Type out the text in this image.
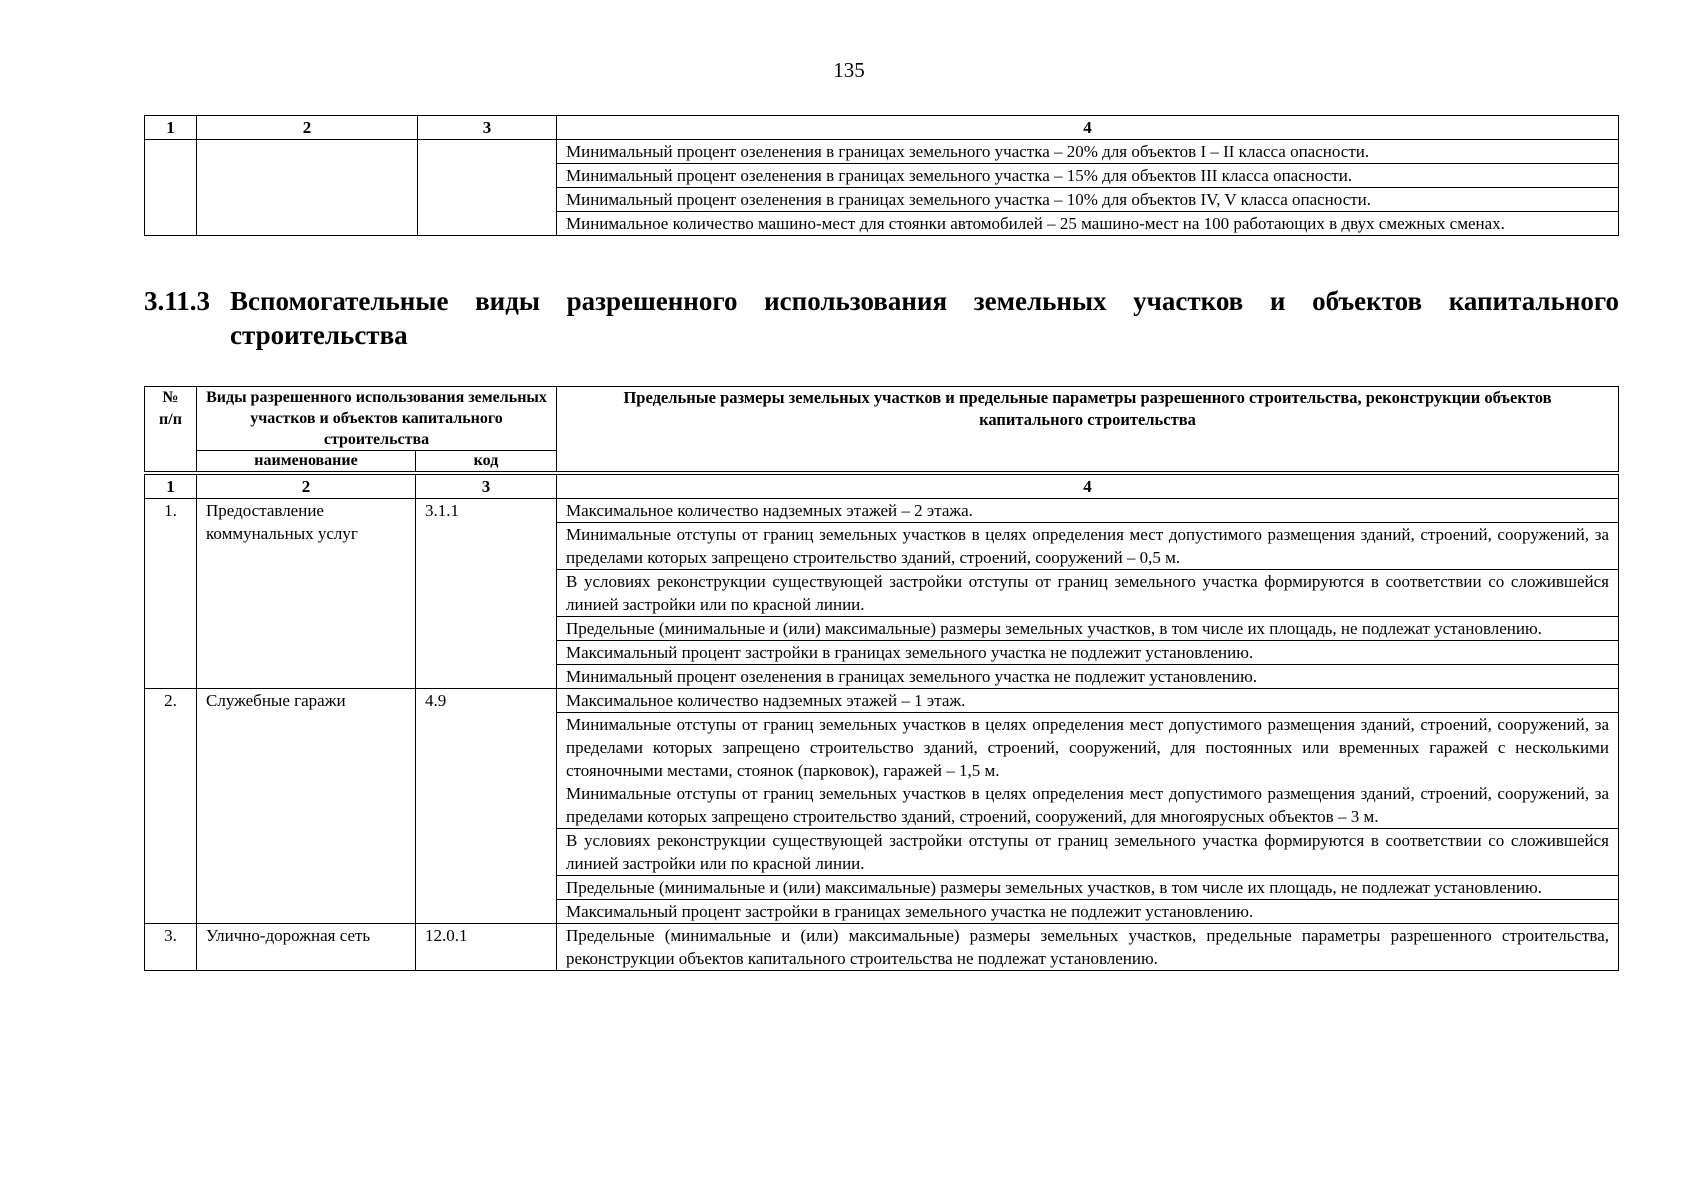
135
1	2	3	4
			Минимальный процент озеленения в границах земельного участка – 20% для объектов I – II класса опасности.
			Минимальный процент озеленения в границах земельного участка – 15% для объектов III класса опасности.
			Минимальный процент озеленения в границах земельного участка – 10% для объектов IV, V класса опасности.
			Минимальное количество машино-мест для стоянки автомобилей – 25 машино-мест на 100 работающих в двух смежных сменах.
3.11.3 Вспомогательные виды разрешенного использования земельных участков и объектов капитального строительства
№ п/п	Виды разрешенного использования земельных участков и объектов капитального строительства		Предельные размеры земельных участков и предельные параметры разрешенного строительства, реконструкции объектов капитального строительства
	наименование	код	
1	2	3	4
1.	Предоставление коммунальных услуг	3.1.1	Максимальное количество надземных этажей – 2 этажа.
			Минимальные отступы от границ земельных участков в целях определения мест допустимого размещения зданий, строений, сооружений, за пределами которых запрещено строительство зданий, строений, сооружений – 0,5 м.
			В условиях реконструкции существующей застройки отступы от границ земельного участка формируются в соответствии со сложившейся линией застройки или по красной линии.
			Предельные (минимальные и (или) максимальные) размеры земельных участков, в том числе их площадь, не подлежат установлению.
			Максимальный процент застройки в границах земельного участка не подлежит установлению.
			Минимальный процент озеленения в границах земельного участка не подлежит установлению.
2.	Служебные гаражи	4.9	Максимальное количество надземных этажей – 1 этаж.
			Минимальные отступы от границ земельных участков в целях определения мест допустимого размещения зданий, строений, сооружений, за пределами которых запрещено строительство зданий, строений, сооружений, для постоянных или временных гаражей с несколькими стояночными местами, стоянок (парковок), гаражей – 1,5 м.
Минимальные отступы от границ земельных участков в целях определения мест допустимого размещения зданий, строений, сооружений, за пределами которых запрещено строительство зданий, строений, сооружений, для многоярусных объектов – 3 м.
			В условиях реконструкции существующей застройки отступы от границ земельного участка формируются в соответствии со сложившейся линией застройки или по красной линии.
			Предельные (минимальные и (или) максимальные) размеры земельных участков, в том числе их площадь, не подлежат установлению.
			Максимальный процент застройки в границах земельного участка не подлежит установлению.
3.	Улично-дорожная сеть	12.0.1	Предельные (минимальные и (или) максимальные) размеры земельных участков, предельные параметры разрешенного строительства, реконструкции объектов капитального строительства не подлежат установлению.
